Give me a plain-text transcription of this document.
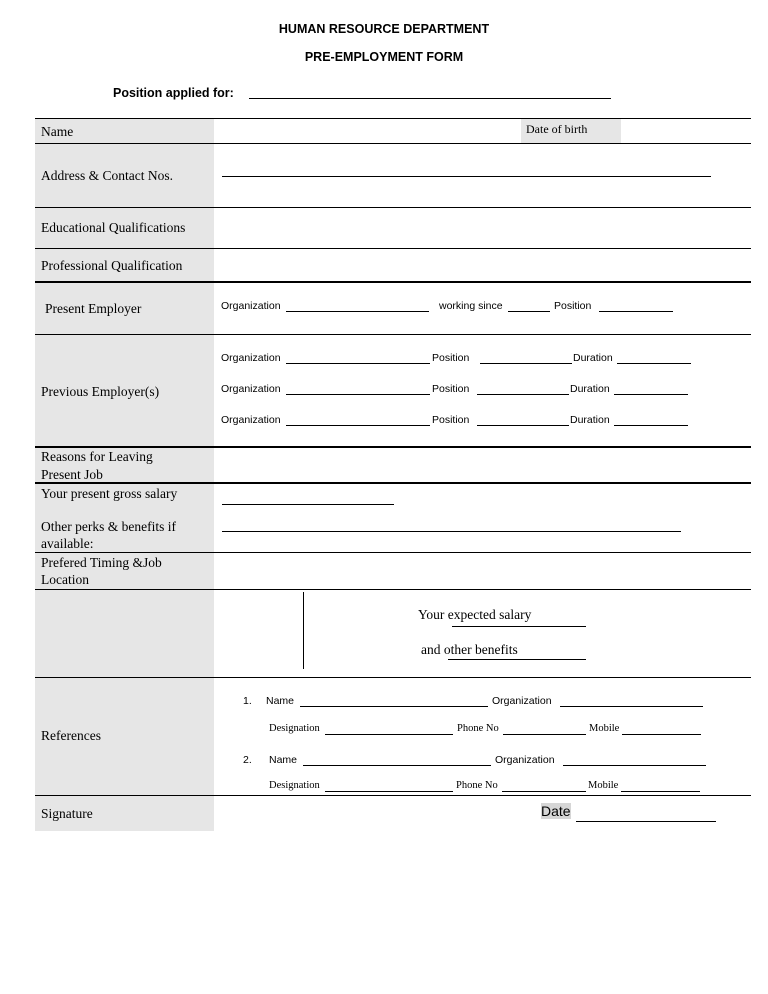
HUMAN RESOURCE DEPARTMENT
PRE-EMPLOYMENT FORM
Position applied for:
Name	Date of birth
Address & Contact Nos.
Educational Qualifications
Professional Qualification
Present Employer	Organization	working since	Position
Previous Employer(s)
Organization	Position	Duration
Organization	Position	Duration
Organization	Position	Duration
Reasons for Leaving
Present Job
Your present gross salary
Other perks & benefits if
available:
Prefered Timing &Job
Location
Your expected salary
and other benefits
References
1. Name	Organization
Designation	Phone No	Mobile
2. Name	Organization
Designation	Phone No	Mobile
Signature	Date
